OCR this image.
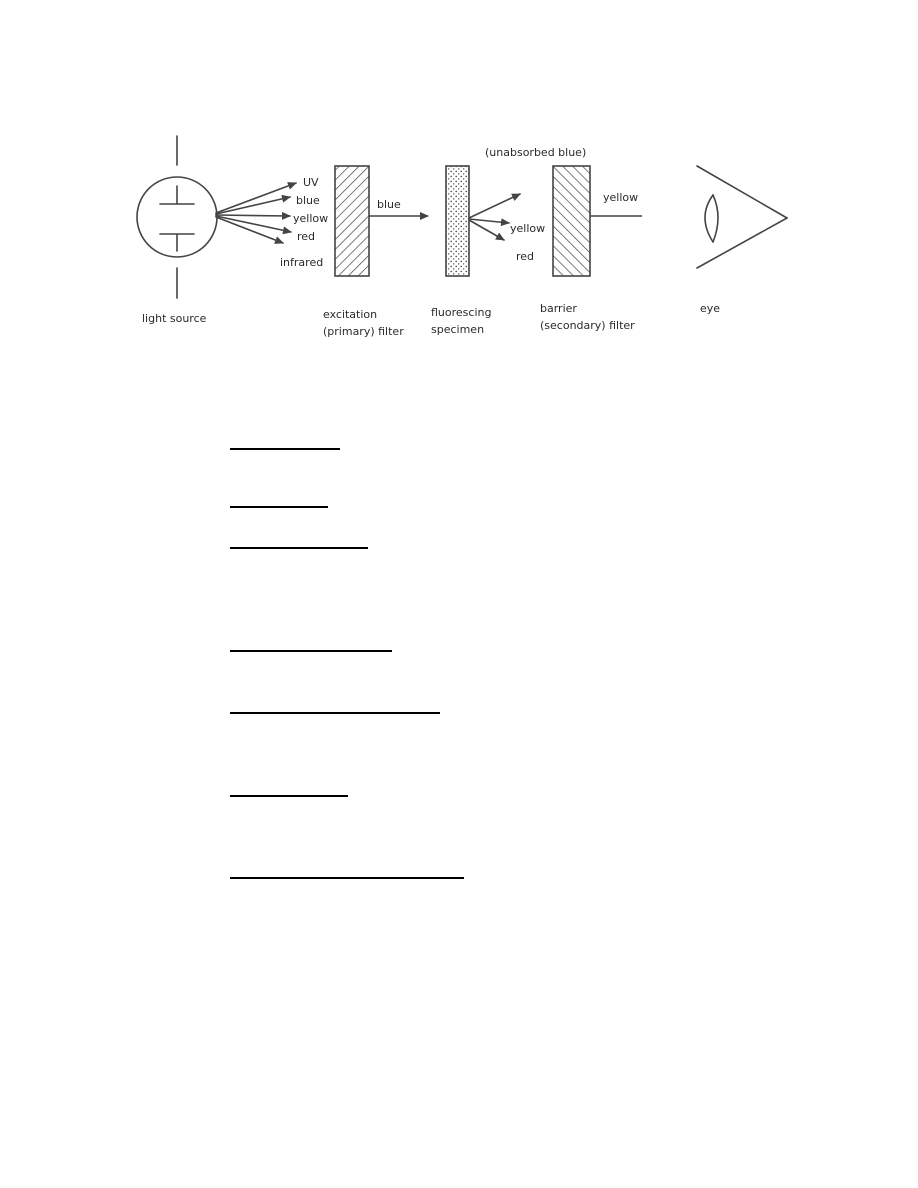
UV
blue
yellow
red
infrared
blue
(unabsorbed blue)
yellow
red
yellow
light source	excitation
(primary) filter
fluorescing
specimen
barrier
(secondary) filter
eye
